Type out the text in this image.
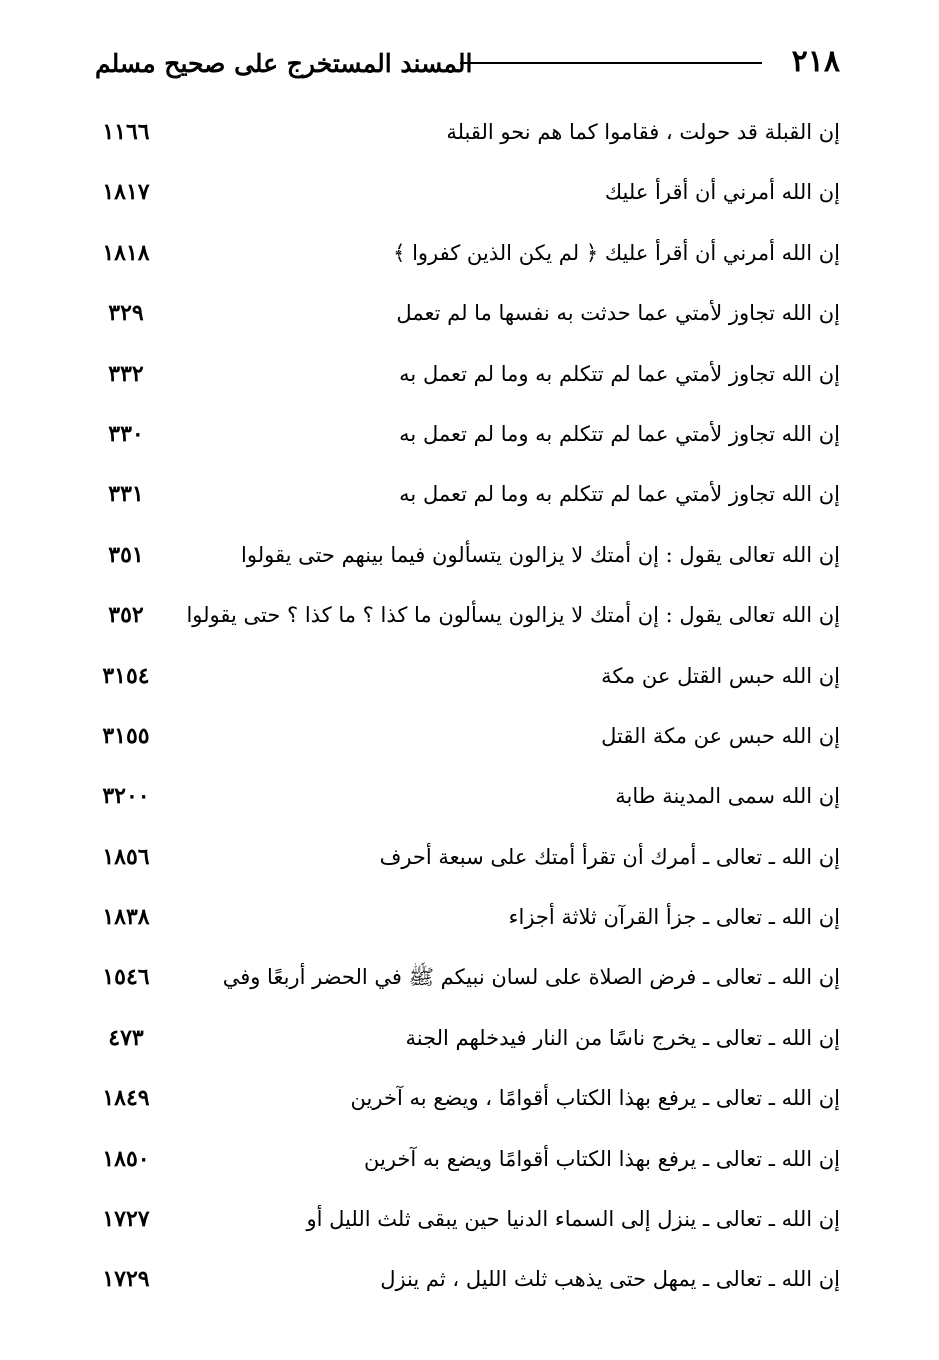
٢١٨
المسند المستخرج على صحيح مسلم
إن القبلة قد حولت ، فقاموا كما هم نحو القبلة
١١٦٦
إن الله أمرني أن أقرأ عليك
١٨١٧
إن الله أمرني أن أقرأ عليك ﴿ لم يكن الذين كفروا ﴾
١٨١٨
إن الله تجاوز لأمتي عما حدثت به نفسها ما لم تعمل
٣٢٩
إن الله تجاوز لأمتي عما لم تتكلم به وما لم تعمل به
٣٣٢
إن الله تجاوز لأمتي عما لم تتكلم به وما لم تعمل به
٣٣٠
إن الله تجاوز لأمتي عما لم تتكلم به وما لم تعمل به
٣٣١
إن الله تعالى يقول : إن أمتك لا يزالون يتسألون فيما بينهم حتى يقولوا
٣٥١
إن الله تعالى يقول : إن أمتك لا يزالون يسألون ما كذا ؟ ما كذا ؟ حتى يقولوا
٣٥٢
إن الله حبس القتل عن مكة
٣١٥٤
إن الله حبس عن مكة القتل
٣١٥٥
إن الله سمى المدينة طابة
٣٢٠٠
إن الله ـ تعالى ـ أمرك أن تقرأ أمتك على سبعة أحرف
١٨٥٦
إن الله ـ تعالى ـ جزأ القرآن ثلاثة أجزاء
١٨٣٨
إن الله ـ تعالى ـ فرض الصلاة على لسان نبيكم ﷺ في الحضر أربعًا وفي
١٥٤٦
إن الله ـ تعالى ـ يخرج ناسًا من النار فيدخلهم الجنة
٤٧٣
إن الله ـ تعالى ـ يرفع بهذا الكتاب أقوامًا ، ويضع به آخرين
١٨٤٩
إن الله ـ تعالى ـ يرفع بهذا الكتاب أقوامًا ويضع به آخرين
١٨٥٠
إن الله ـ تعالى ـ ينزل إلى السماء الدنيا حين يبقى ثلث الليل أو
١٧٢٧
إن الله ـ تعالى ـ يمهل حتى يذهب ثلث الليل ، ثم ينزل
١٧٢٩
